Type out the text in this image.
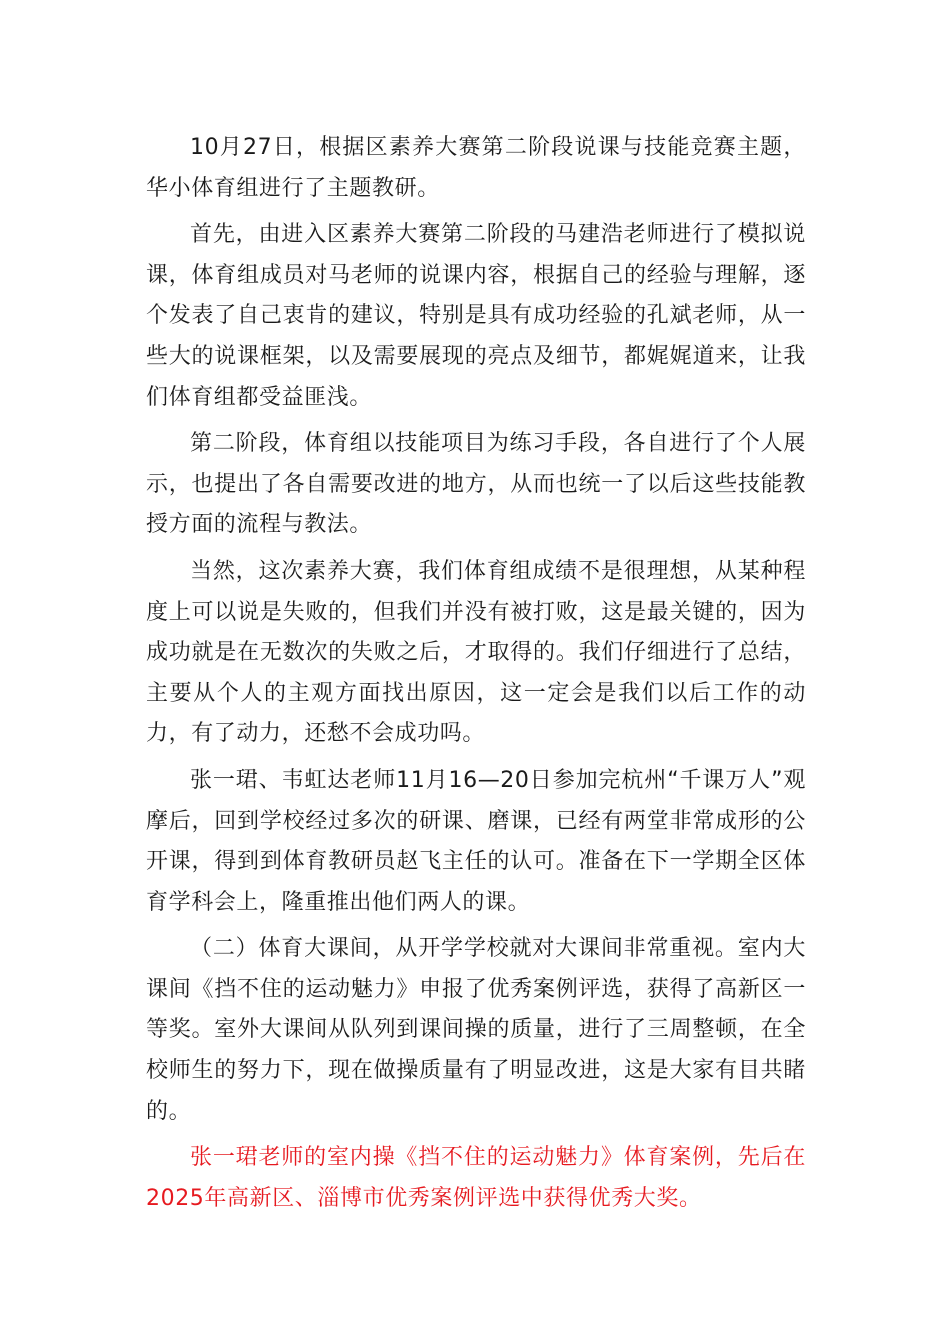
10月27日，根据区素养大赛第二阶段说课与技能竞赛主题，华小体育组进行了主题教研。

首先，由进入区素养大赛第二阶段的马建浩老师进行了模拟说课，体育组成员对马老师的说课内容，根据自己的经验与理解，逐个发表了自己衷肯的建议，特别是具有成功经验的孔斌老师，从一些大的说课框架，以及需要展现的亮点及细节，都娓娓道来，让我们体育组都受益匪浅。

第二阶段，体育组以技能项目为练习手段，各自进行了个人展示，也提出了各自需要改进的地方，从而也统一了以后这些技能教授方面的流程与教法。

当然，这次素养大赛，我们体育组成绩不是很理想，从某种程度上可以说是失败的，但我们并没有被打败，这是最关键的，因为成功就是在无数次的失败之后，才取得的。我们仔细进行了总结，主要从个人的主观方面找出原因，这一定会是我们以后工作的动力，有了动力，还愁不会成功吗。

张一珺、韦虹达老师11月16—20日参加完杭州“千课万人”观摩后，回到学校经过多次的研课、磨课，已经有两堂非常成形的公开课，得到到体育教研员赵飞主任的认可。准备在下一学期全区体育学科会上，隆重推出他们两人的课。

（二）体育大课间，从开学学校就对大课间非常重视。室内大课间《挡不住的运动魅力》申报了优秀案例评选，获得了高新区一等奖。室外大课间从队列到课间操的质量，进行了三周整顿，在全校师生的努力下，现在做操质量有了明显改进，这是大家有目共睹的。

张一珺老师的室内操《挡不住的运动魅力》体育案例，先后在2025年高新区、淄博市优秀案例评选中获得优秀大奖。
